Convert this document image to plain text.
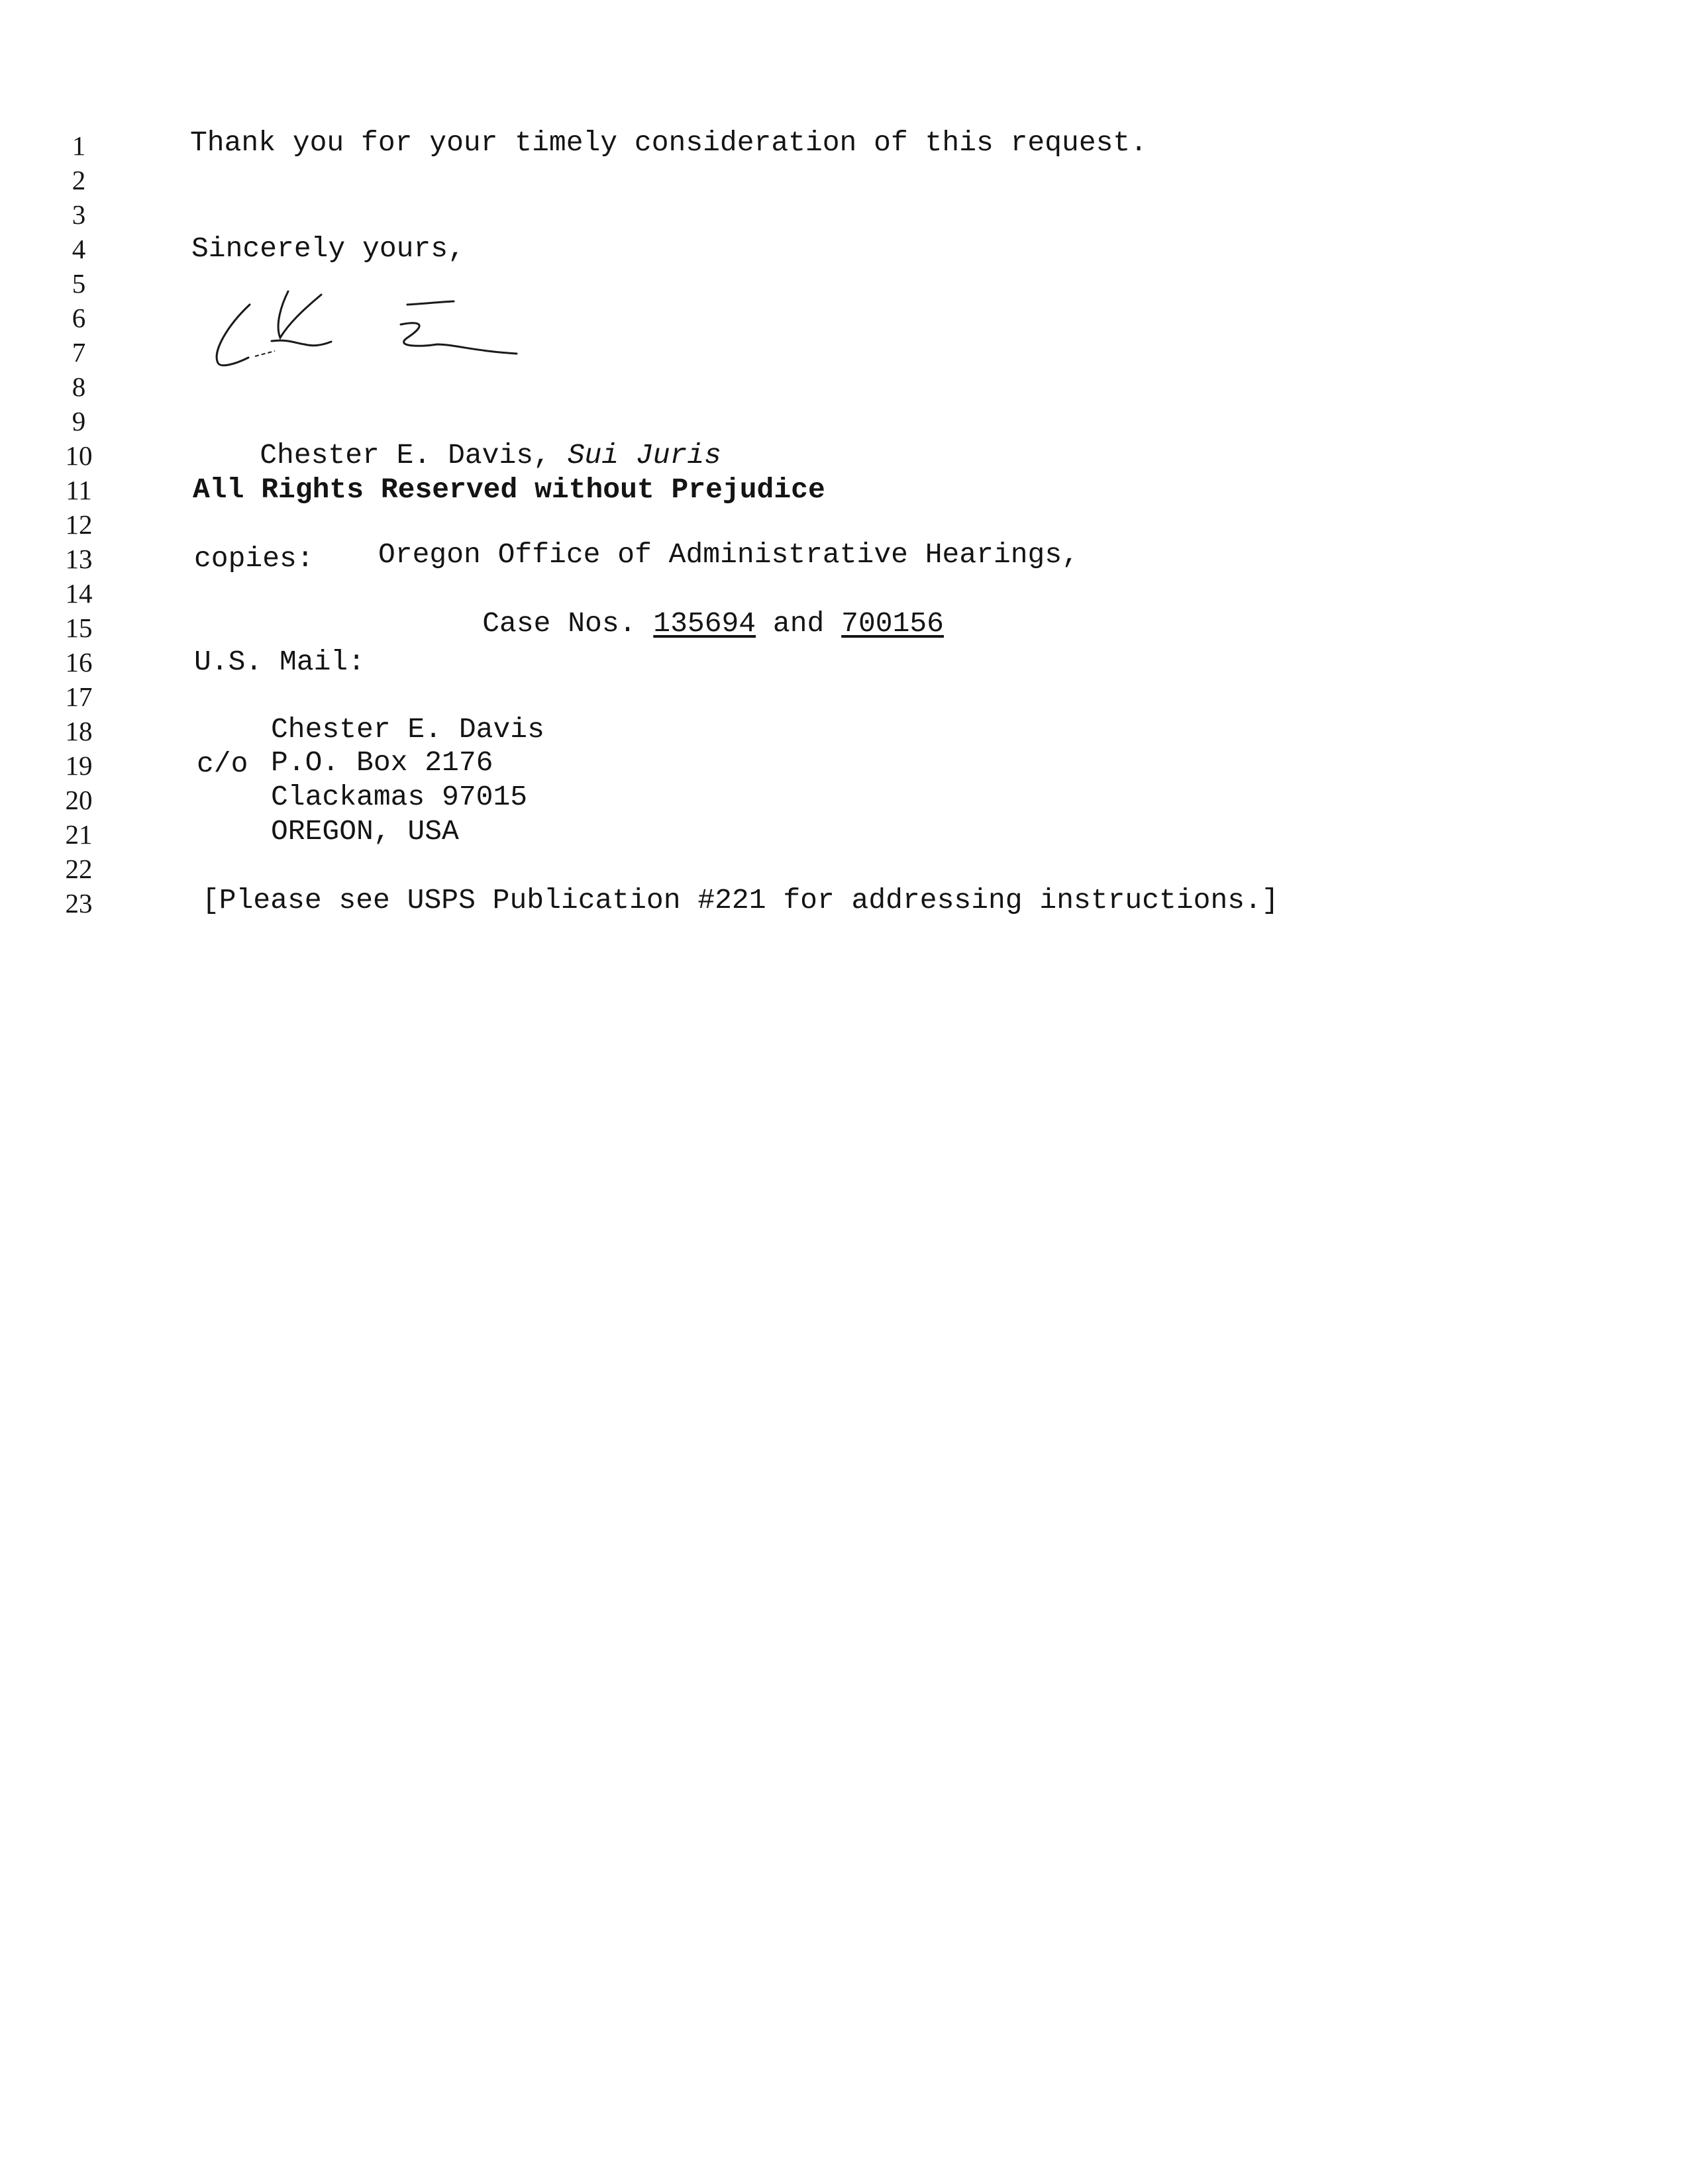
1
2
3
4
5
6
7
8
9
10
11
12
13
14
15
16
17
18
19
20
21
22
23
Thank you for your timely consideration of this request.
Sincerely yours,

Chester E. Davis, Sui Juris

All Rights Reserved without Prejudice
copies: Oregon Office of Administrative Hearings,

Case Nos. 135694 and 700156

U.S. Mail:
Chester E. Davis
c/o P.O. Box 2176
Clackamas 97015
OREGON, USA
[Please see USPS Publication #221 for addressing instructions.]
